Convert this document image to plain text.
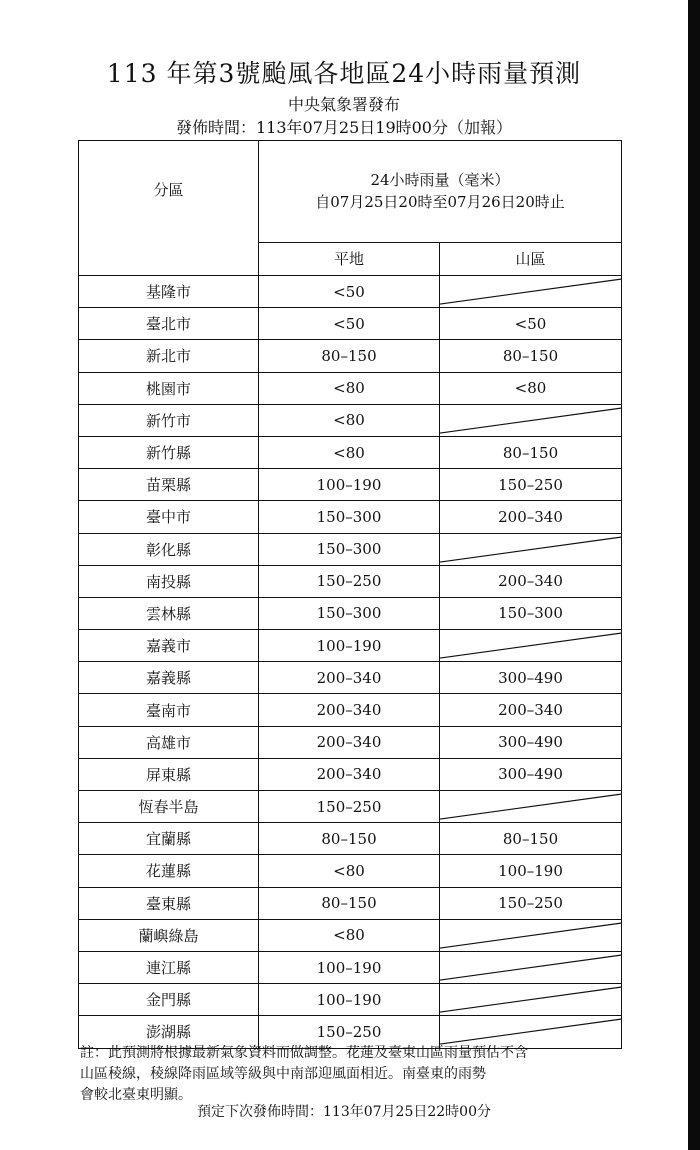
113 年第3號颱風各地區24小時雨量預測
中央氣象署發布
發佈時間：113年07月25日19時00分（加報）
分區	24小時雨量（毫米）
自07月25日20時至07月26日20時止	

	平地	山區
基隆市	<50	

臺北市	<50	<50
新北市	80–150	80–150
桃園市	<80	<80
新竹市	<80	

新竹縣	<80	80–150
苗栗縣	100–190	150–250
臺中市	150–300	200–340
彰化縣	150–300	

南投縣	150–250	200–340
雲林縣	150–300	150–300
嘉義市	100–190	

嘉義縣	200–340	300–490
臺南市	200–340	200–340
高雄市	200–340	300–490
屏東縣	200–340	300–490
恆春半島	150–250	

宜蘭縣	80–150	80–150
花蓮縣	<80	100–190
臺東縣	80–150	150–250
蘭嶼綠島	<80	

連江縣	100–190	

金門縣	100–190	

澎湖縣	150–250	
註：此預測將根據最新氣象資料而做調整。花蓮及臺東山區雨量預估不含
山區稜線，稜線降雨區域等級與中南部迎風面相近。南臺東的雨勢
會較北臺東明顯。
預定下次發佈時間：113年07月25日22時00分
